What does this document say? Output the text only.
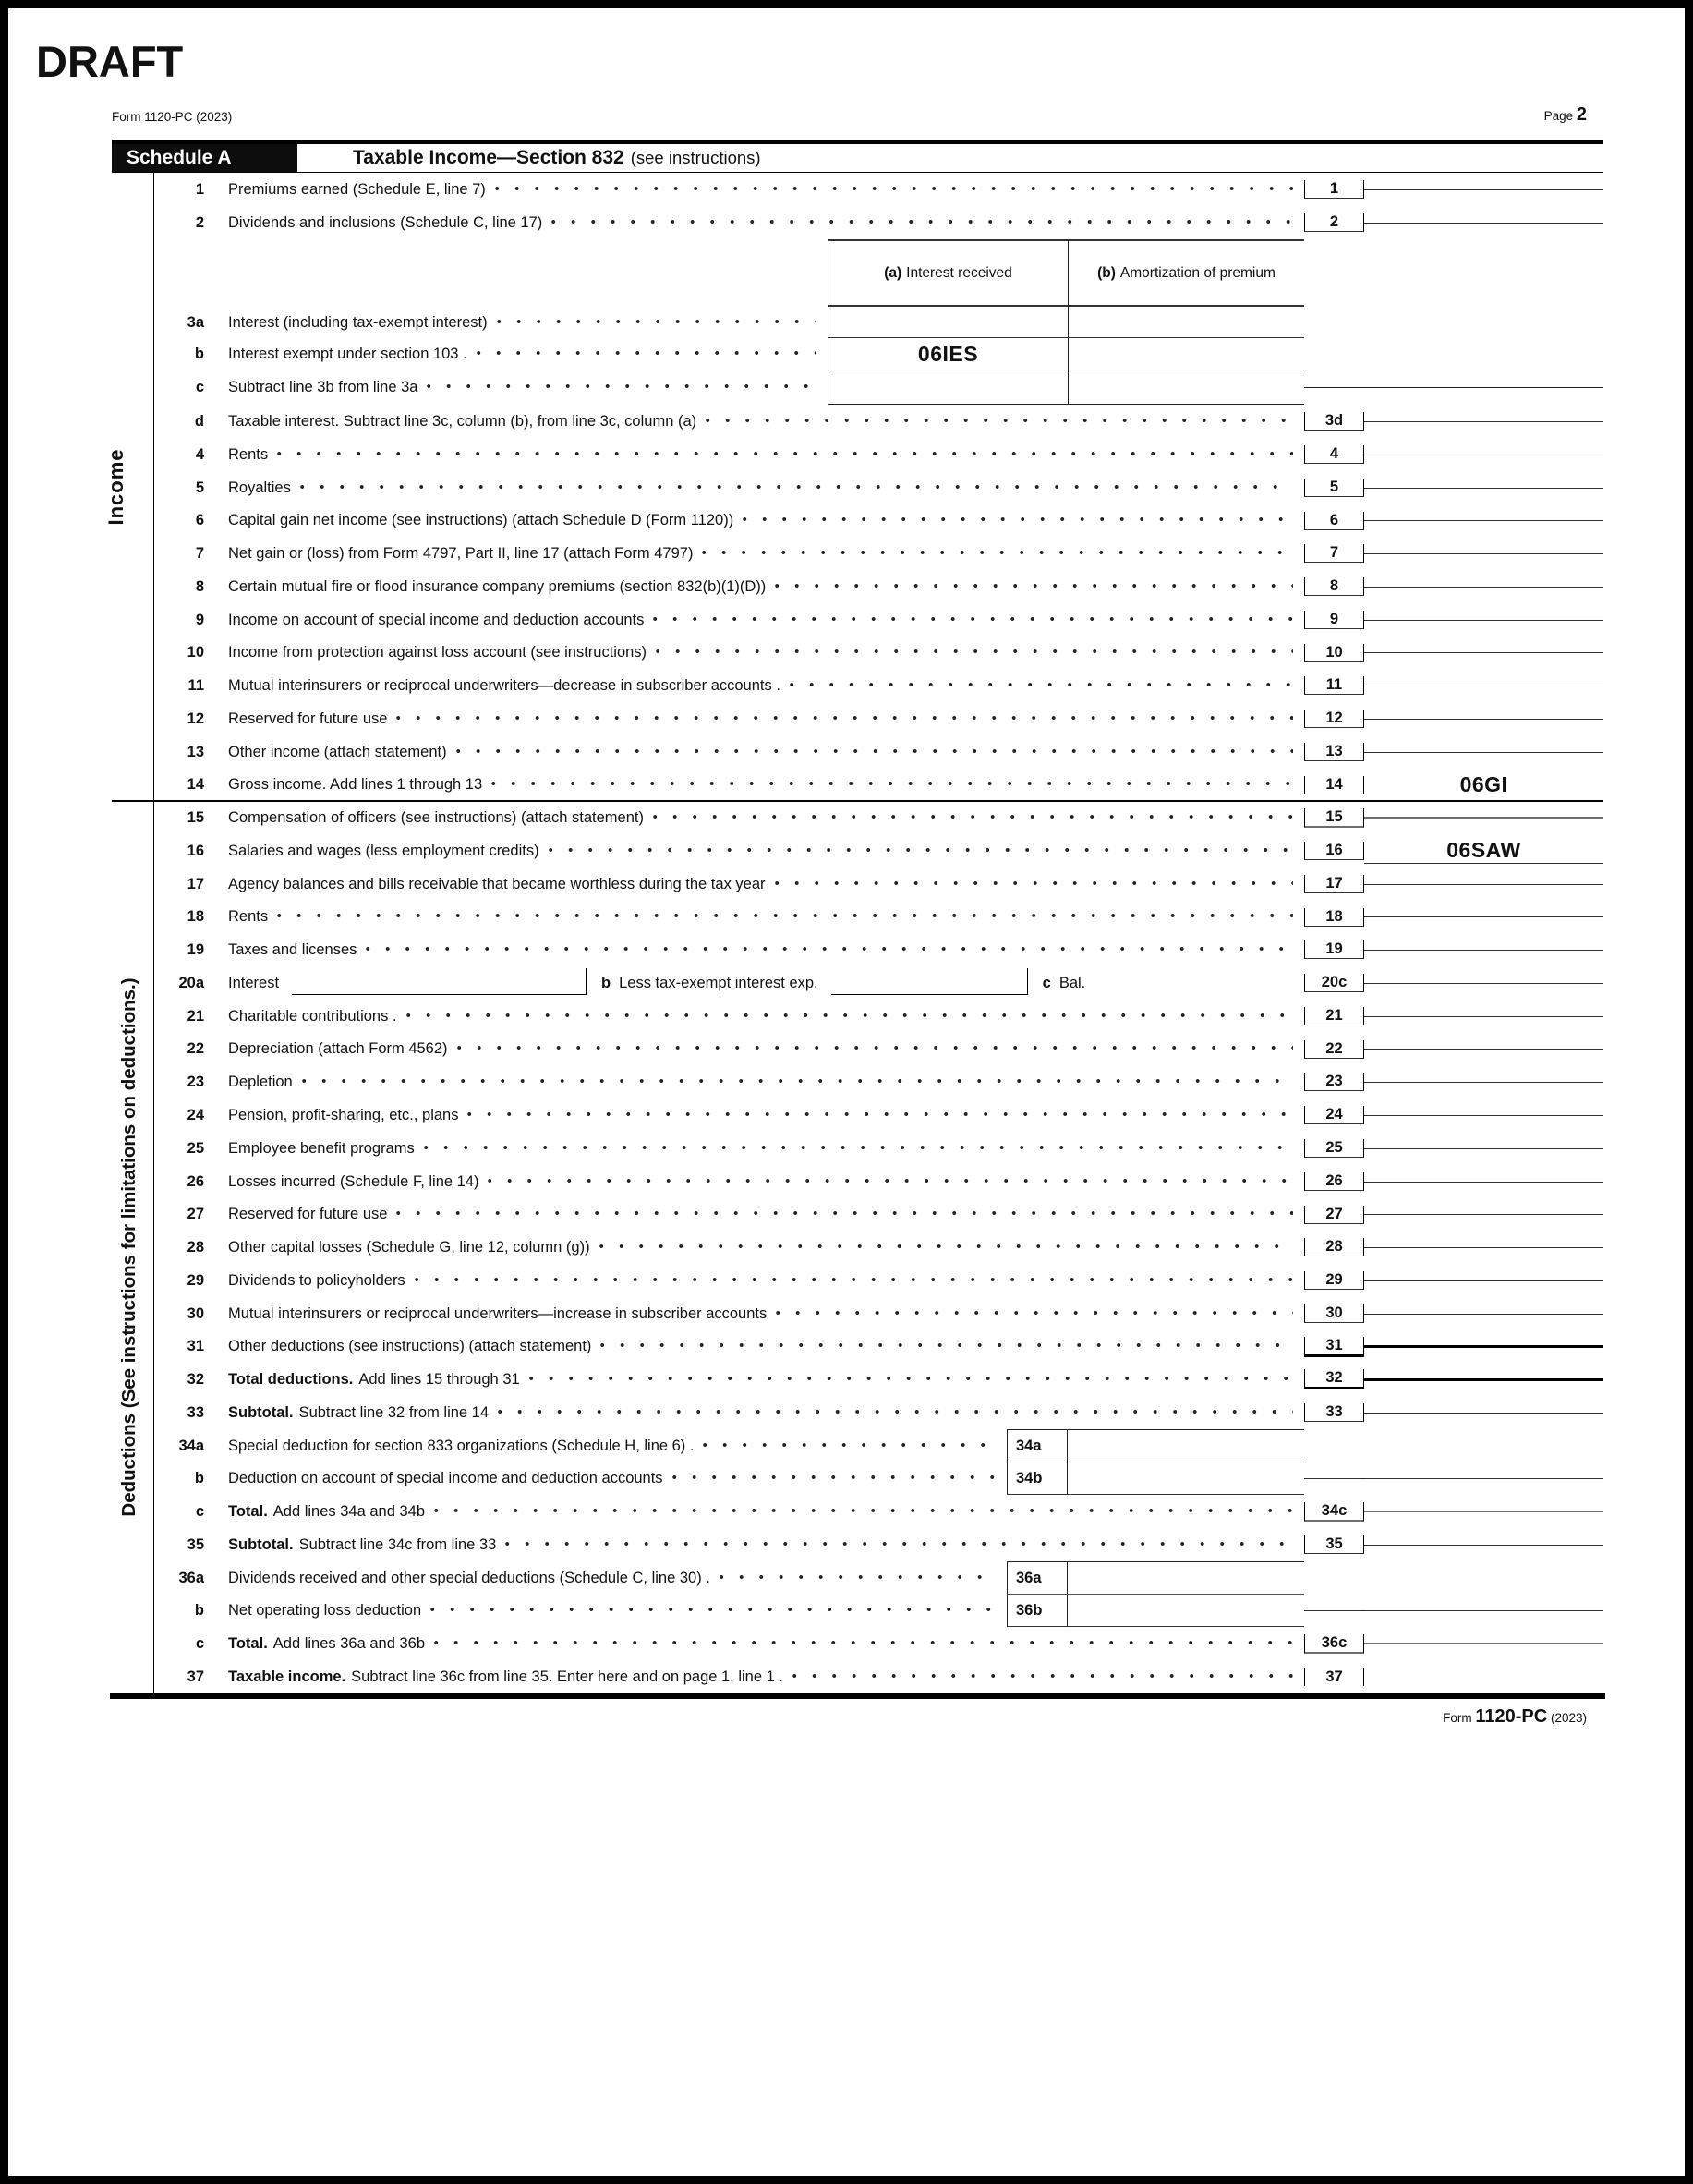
DRAFT
Form 1120-PC (2023)	Page 2
Schedule A	Taxable Income—Section 832 (see instructions)
1	Premiums earned (Schedule E, line 7)	1
2	Dividends and inclusions (Schedule C, line 17)	2
(a) Interest received	(b) Amortization of premium
3a	Interest (including tax-exempt interest)
b	Interest exempt under section 103 .	06IES
c	Subtract line 3b from line 3a
d	Taxable interest. Subtract line 3c, column (b), from line 3c, column (a)	3d
4	Rents	4
5	Royalties	5
6	Capital gain net income (see instructions) (attach Schedule D (Form 1120))	6
7	Net gain or (loss) from Form 4797, Part II, line 17 (attach Form 4797)	7
8	Certain mutual fire or flood insurance company premiums (section 832(b)(1)(D))	8
9	Income on account of special income and deduction accounts	9
10	Income from protection against loss account (see instructions)	10
11	Mutual interinsurers or reciprocal underwriters—decrease in subscriber accounts .	11
12	Reserved for future use	12
13	Other income (attach statement)	13
14	Gross income. Add lines 1 through 13	14	06GI
15	Compensation of officers (see instructions) (attach statement)	15
16	Salaries and wages (less employment credits)	16	06SAW
17	Agency balances and bills receivable that became worthless during the tax year	17
18	Rents	18
19	Taxes and licenses	19
20a	Interest	b Less tax-exempt interest exp.	c Bal.	20c
21	Charitable contributions .	21
22	Depreciation (attach Form 4562)	22
23	Depletion	23
24	Pension, profit-sharing, etc., plans	24
25	Employee benefit programs	25
26	Losses incurred (Schedule F, line 14)	26
27	Reserved for future use	27
28	Other capital losses (Schedule G, line 12, column (g))	28
29	Dividends to policyholders	29
30	Mutual interinsurers or reciprocal underwriters—increase in subscriber accounts	30
31	Other deductions (see instructions) (attach statement)	31
32	Total deductions. Add lines 15 through 31	32
33	Subtotal. Subtract line 32 from line 14	33
34a	Special deduction for section 833 organizations (Schedule H, line 6) .	34a
b	Deduction on account of special income and deduction accounts	34b
c	Total. Add lines 34a and 34b	34c
35	Subtotal. Subtract line 34c from line 33	35
36a	Dividends received and other special deductions (Schedule C, line 30) .	36a
b	Net operating loss deduction	36b
c	Total. Add lines 36a and 36b	36c
37	Taxable income. Subtract line 36c from line 35. Enter here and on page 1, line 1 .	37
Income
Deductions (See instructions for limitations on deductions.)
Form 1120-PC (2023)
